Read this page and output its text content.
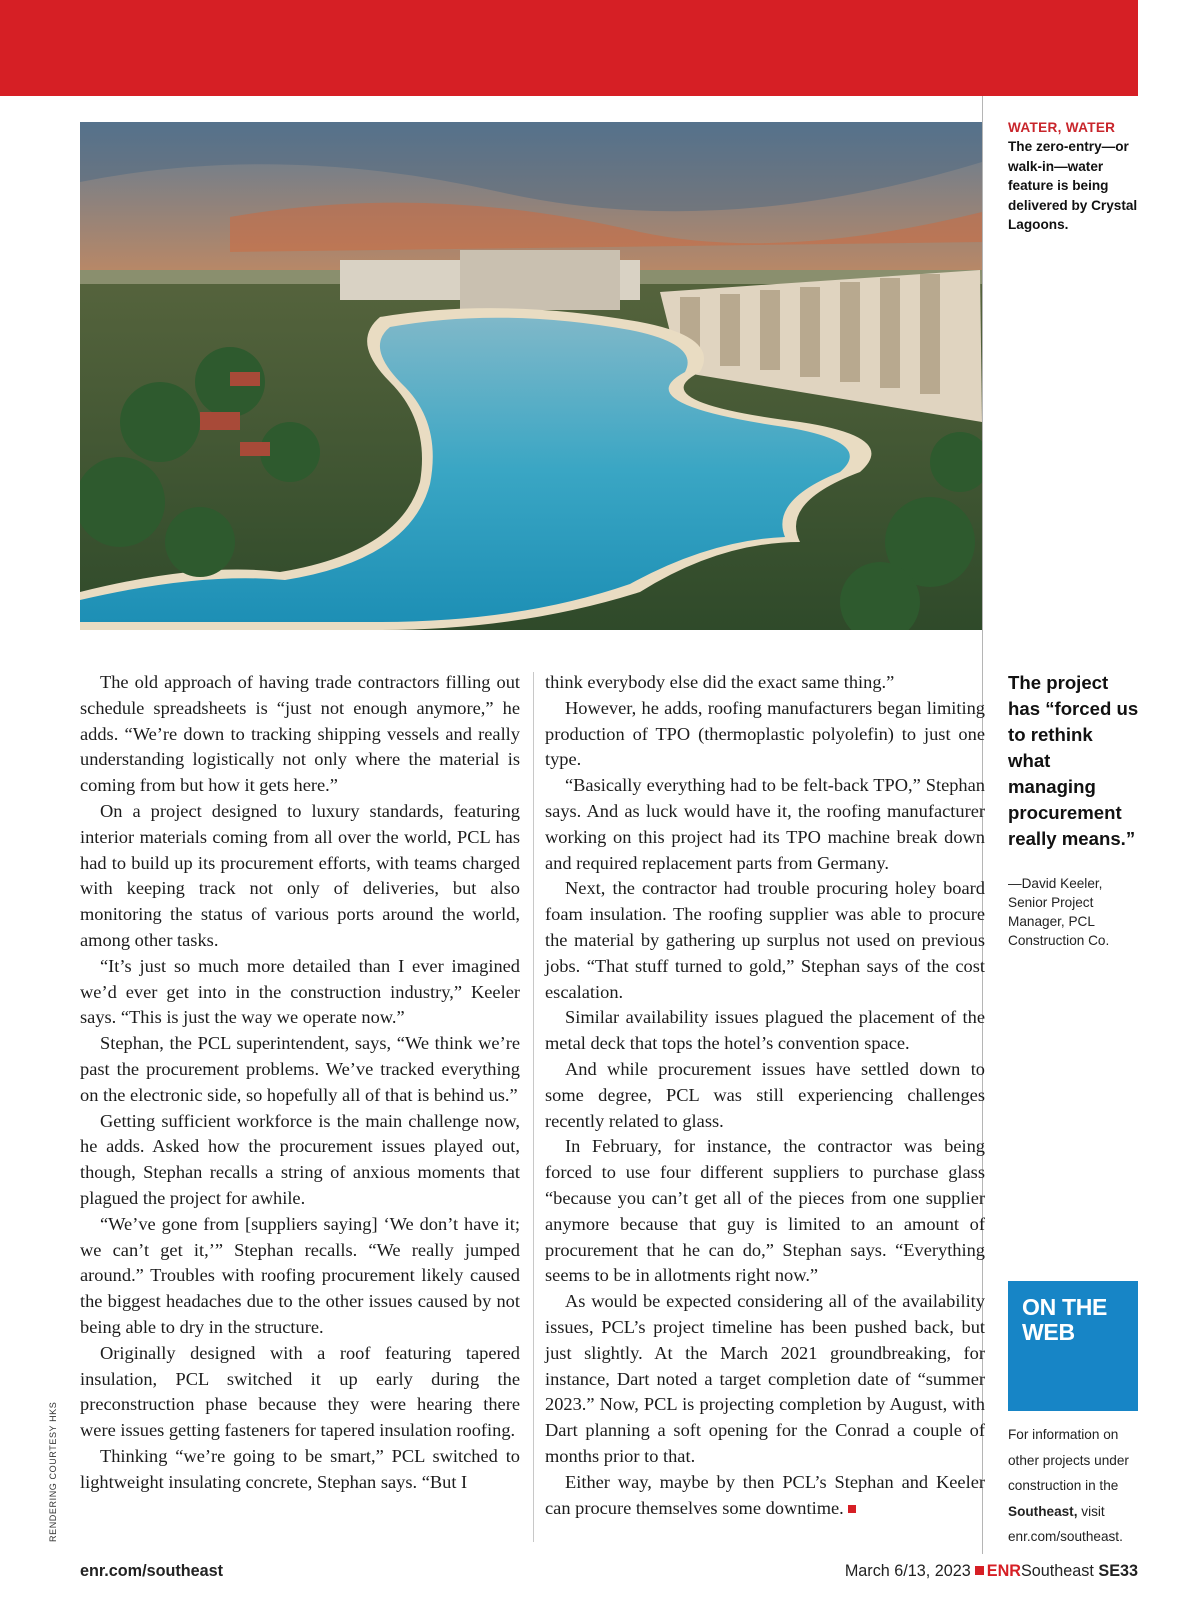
WATER, WATER
The zero-entry—or walk-in—water feature is being delivered by Crystal Lagoons.

The old approach of having trade contractors filling out schedule spreadsheets is “just not enough anymore,” he adds. “We’re down to tracking shipping vessels and really understanding logistically not only where the material is coming from but how it gets here.”

On a project designed to luxury standards, featuring interior materials coming from all over the world, PCL has had to build up its procurement efforts, with teams charged with keeping track not only of deliveries, but also monitoring the status of various ports around the world, among other tasks.

“It’s just so much more detailed than I ever imagined we’d ever get into in the construction industry,” Keeler says. “This is just the way we operate now.”

Stephan, the PCL superintendent, says, “We think we’re past the procurement problems. We’ve tracked everything on the electronic side, so hopefully all of that is behind us.”

Getting sufficient workforce is the main challenge now, he adds. Asked how the procurement issues played out, though, Stephan recalls a string of anxious moments that plagued the project for awhile.

“We’ve gone from [suppliers saying] ‘We don’t have it; we can’t get it,’” Stephan recalls. “We really jumped around.” Troubles with roofing procurement likely caused the biggest headaches due to the other issues caused by not being able to dry in the structure.

Originally designed with a roof featuring tapered insulation, PCL switched it up early during the preconstruction phase because they were hearing there were issues getting fasteners for tapered insulation roofing.

Thinking “we’re going to be smart,” PCL switched to lightweight insulating concrete, Stephan says. “But I

think everybody else did the exact same thing.”

However, he adds, roofing manufacturers began limiting production of TPO (thermoplastic polyolefin) to just one type.

“Basically everything had to be felt-back TPO,” Stephan says. And as luck would have it, the roofing manufacturer working on this project had its TPO machine break down and required replacement parts from Germany.

Next, the contractor had trouble procuring holey board foam insulation. The roofing supplier was able to procure the material by gathering up surplus not used on previous jobs. “That stuff turned to gold,” Stephan says of the cost escalation.

Similar availability issues plagued the placement of the metal deck that tops the hotel’s convention space.

And while procurement issues have settled down to some degree, PCL was still experiencing challenges recently related to glass.

In February, for instance, the contractor was being forced to use four different suppliers to purchase glass “because you can’t get all of the pieces from one supplier anymore because that guy is limited to an amount of procurement that he can do,” Stephan says. “Everything seems to be in allotments right now.”

As would be expected considering all of the availability issues, PCL’s project timeline has been pushed back, but just slightly. At the March 2021 groundbreaking, for instance, Dart noted a target completion date of “summer 2023.” Now, PCL is projecting completion by August, with Dart planning a soft opening for the Conrad a couple of months prior to that.

Either way, maybe by then PCL’s Stephan and Keeler can procure themselves some downtime.

The project has “forced us to rethink what managing procurement really means.”
—David Keeler, Senior Project Manager, PCL Construction Co.
ON THE WEB
For information on other projects under construction in the Southeast, visit enr.com/southeast.
RENDERING COURTESY HKS
enr.com/southeast	March 6/13, 2023 ENRSoutheast SE33
